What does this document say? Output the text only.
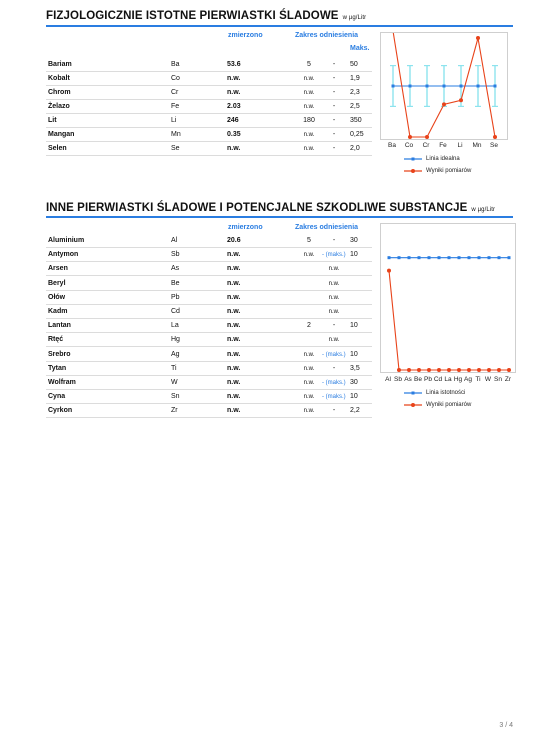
FIZJOLOGICZNIE ISTOTNE PIERWIASTKI ŚLADOWE w µg/Litr
zmierzono	Zakres odniesienia
Maks.
Bariam	Ba	53.6	5	-	50
Kobalt	Co	n.w.	n.w.	-	1,9
Chrom	Cr	n.w.	n.w.	-	2,3
Żelazo	Fe	2.03	n.w.	-	2,5
Lit	Li	246	180	-	350
Mangan	Mn	0.35	n.w.	-	0,25
Selen	Se	n.w.	n.w.	-	2,0	Ba Co Cr Fe Li Mn Se
Linia idealna
Wyniki pomiarów
INNE PIERWIASTKI ŚLADOWE I POTENCJALNE SZKODLIWE SUBSTANCJE w µg/Litr
zmierzono	Zakres odniesienia
Aluminium	Al	20.6	5	-	30
Antymon	Sb	n.w.	n.w.	- (maks.) 10
Arsen	As	n.w.	n.w.
Beryl	Be	n.w.	n.w.
Ołów	Pb	n.w.	n.w.
Kadm	Cd	n.w.	n.w.
Lantan	La	n.w.	2	-	10
Rtęć	Hg	n.w.	n.w.
Srebro	Ag	n.w.	n.w.	- (maks.) 10
Tytan	Ti	n.w.	n.w.	-	3,5
Wolfram	W	n.w.	n.w.	- (maks.) 30
Cyna	Sn	n.w.	n.w.	- (maks.) 10
Cyrkon	Zr	n.w.	n.w.	-	2,2
Al Sb As Be Pb Cd La Hg Ag Ti W Sn Zr
Linia istotności
Wyniki pomiarów
3 / 4
